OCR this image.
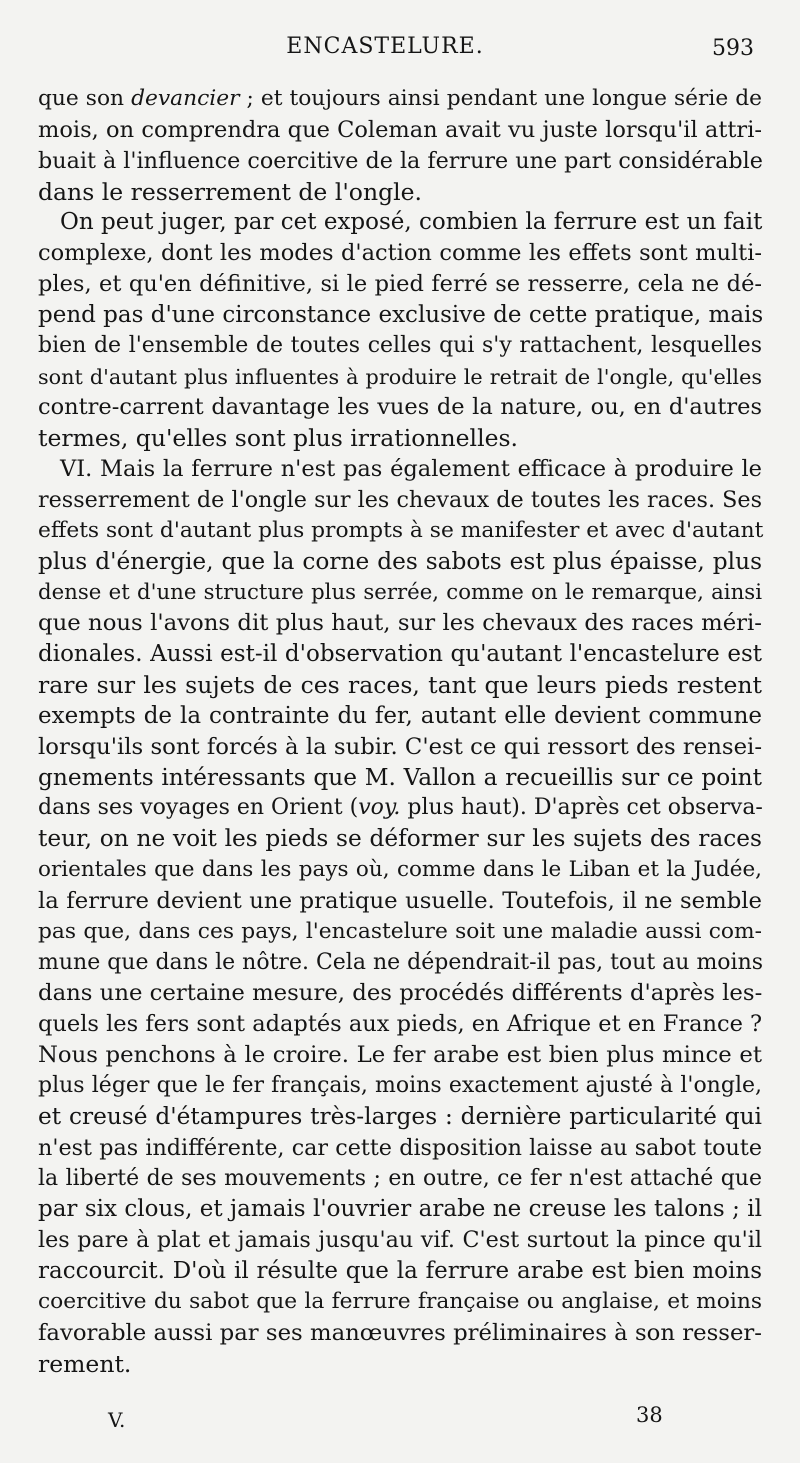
ENCASTELURE.	593
que son devancier ; et toujours ainsi pendant une longue série de
mois, on comprendra que Coleman avait vu juste lorsqu'il attri-
buait à l'influence coercitive de la ferrure une part considérable
dans le resserrement de l'ongle.
On peut juger, par cet exposé, combien la ferrure est un fait
complexe, dont les modes d'action comme les effets sont multi-
ples, et qu'en définitive, si le pied ferré se resserre, cela ne dé-
pend pas d'une circonstance exclusive de cette pratique, mais
bien de l'ensemble de toutes celles qui s'y rattachent, lesquelles
sont d'autant plus influentes à produire le retrait de l'ongle, qu'elles
contre-carrent davantage les vues de la nature, ou, en d'autres
termes, qu'elles sont plus irrationnelles.
VI. Mais la ferrure n'est pas également efficace à produire le
resserrement de l'ongle sur les chevaux de toutes les races. Ses
effets sont d'autant plus prompts à se manifester et avec d'autant
plus d'énergie, que la corne des sabots est plus épaisse, plus
dense et d'une structure plus serrée, comme on le remarque, ainsi
que nous l'avons dit plus haut, sur les chevaux des races méri-
dionales. Aussi est-il d'observation qu'autant l'encastelure est
rare sur les sujets de ces races, tant que leurs pieds restent
exempts de la contrainte du fer, autant elle devient commune
lorsqu'ils sont forcés à la subir. C'est ce qui ressort des rensei-
gnements intéressants que M. Vallon a recueillis sur ce point
dans ses voyages en Orient (voy. plus haut). D'après cet observa-
teur, on ne voit les pieds se déformer sur les sujets des races
orientales que dans les pays où, comme dans le Liban et la Judée,
la ferrure devient une pratique usuelle. Toutefois, il ne semble
pas que, dans ces pays, l'encastelure soit une maladie aussi com-
mune que dans le nôtre. Cela ne dépendrait-il pas, tout au moins
dans une certaine mesure, des procédés différents d'après les-
quels les fers sont adaptés aux pieds, en Afrique et en France ?
Nous penchons à le croire. Le fer arabe est bien plus mince et
plus léger que le fer français, moins exactement ajusté à l'ongle,
et creusé d'étampures très-larges : dernière particularité qui
n'est pas indifférente, car cette disposition laisse au sabot toute
la liberté de ses mouvements ; en outre, ce fer n'est attaché que
par six clous, et jamais l'ouvrier arabe ne creuse les talons ; il
les pare à plat et jamais jusqu'au vif. C'est surtout la pince qu'il
raccourcit. D'où il résulte que la ferrure arabe est bien moins
coercitive du sabot que la ferrure française ou anglaise, et moins
favorable aussi par ses manœuvres préliminaires à son resser-
rement.
V.	38
